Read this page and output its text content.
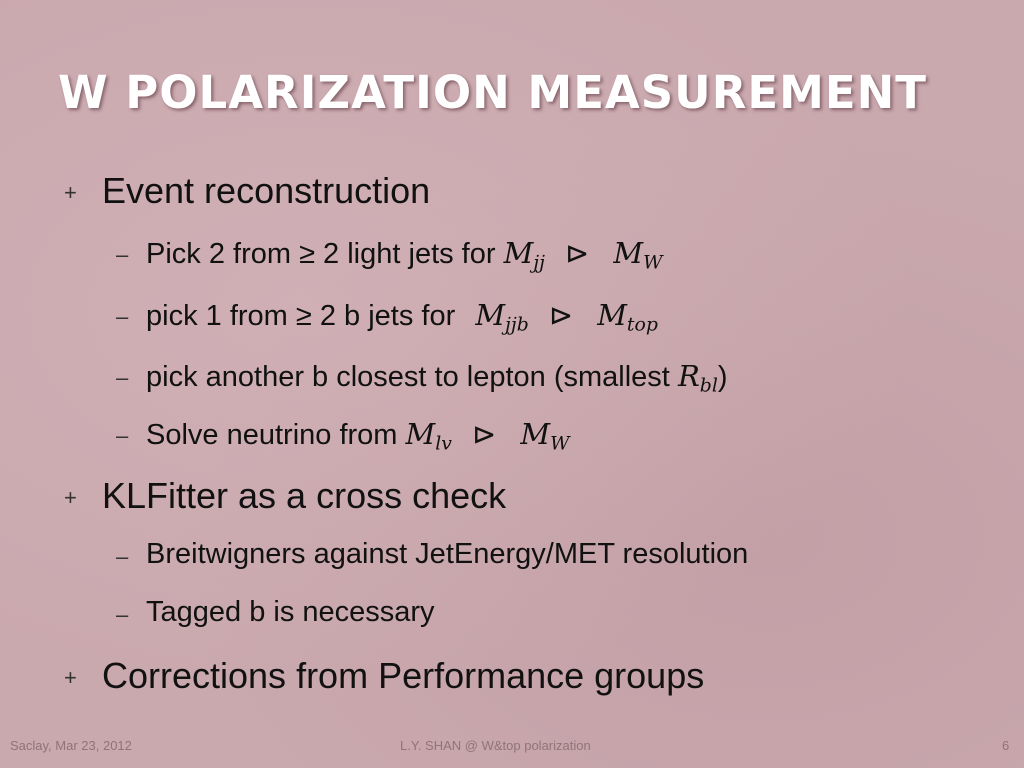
W POLARIZATION MEASUREMENT
+ Event reconstruction
– Pick 2 from ≥ 2 light jets for $M_{jj}$ ⊳ $M_W$
– pick 1 from ≥ 2 b jets for $M_{jjb}$ ⊳ $M_{top}$
– pick another b closest to lepton (smallest $R_{bl}$)
– Solve neutrino from $M_{lv}$ ⊳ $M_W$
+ KLFitter as a cross check
– Breitwigners against JetEnergy/MET resolution
– Tagged b is necessary
+ Corrections from Performance groups
Saclay, Mar 23, 2012	L.Y. SHAN @ W&top polarization	6
